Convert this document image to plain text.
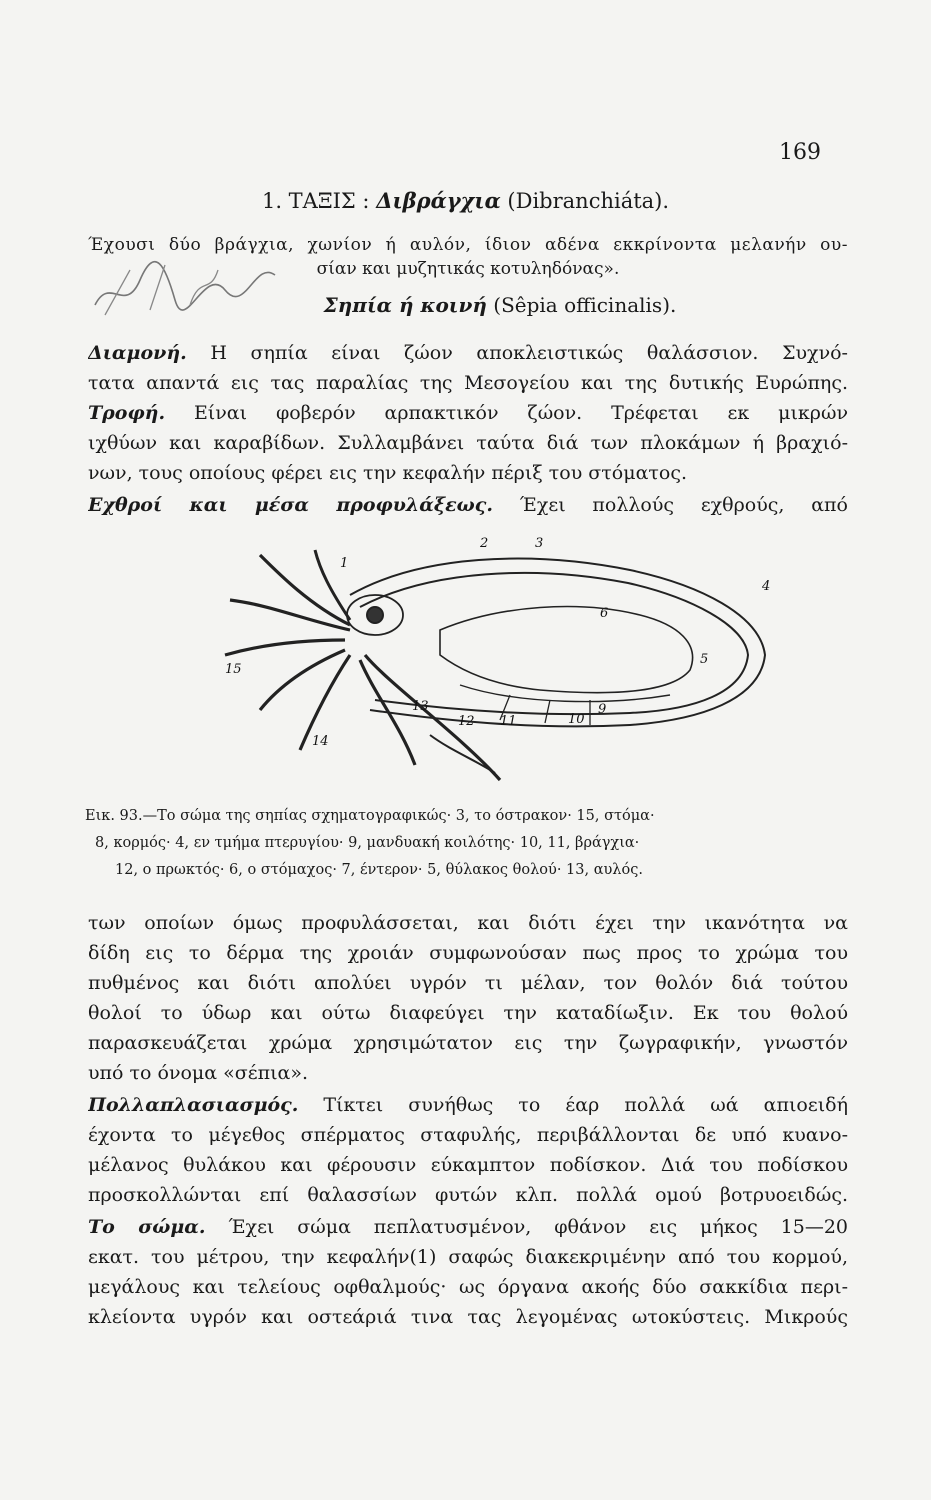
169
1. ΤΑΞΙΣ : Διβράγχια (Dibranchiáta).
Έχουσι δύο βράγχια, χωνίον ή αυλόν, ίδιον αδένα εκκρίνοντα μελανήν ου-
σίαν και μυζητικάς κοτυληδόνας».
Σηπία ή κοινή (Sêpia officinalis).
Διαμονή. Η σηπία είναι ζώον αποκλειστικώς θαλάσσιον. Συχνό-
τατα απαντά εις τας παραλίας της Μεσογείου και της δυτικής Ευρώπης.
Τροφή. Είναι φοβερόν αρπακτικόν ζώον. Τρέφεται εκ μικρών
ιχθύων και καραβίδων. Συλλαμβάνει ταύτα διά των πλοκάμων ή βραχιό-
νων, τους οποίους φέρει εις την κεφαλήν πέριξ του στόματος.
Εχθροί και μέσα προφυλάξεως. Έχει πολλούς εχθρούς, από
1
2	3
4
5
6
9
10
11
12
13
14
15
Εικ. 93.—Το σώμα της σηπίας σχηματογραφικώς· 3, το όστρακον· 15, στόμα·
8, κορμός· 4, εν τμήμα πτερυγίου· 9, μανδυακή κοιλότης· 10, 11, βράγχια·
12, ο πρωκτός· 6, ο στόμαχος· 7, έντερον· 5, θύλακος θολού· 13, αυλός.
των οποίων όμως προφυλάσσεται, και διότι έχει την ικανότητα να
δίδη εις το δέρμα της χροιάν συμφωνούσαν πως προς το χρώμα του
πυθμένος και διότι απολύει υγρόν τι μέλαν, τον θολόν διά τούτου
θολοί το ύδωρ και ούτω διαφεύγει την καταδίωξιν. Εκ του θολού
παρασκευάζεται χρώμα χρησιμώτατον εις την ζωγραφικήν, γνωστόν
υπό το όνομα «σέπια».
Πολλαπλασιασμός. Τίκτει συνήθως το έαρ πολλά ωά απιοειδή
έχοντα το μέγεθος σπέρματος σταφυλής, περιβάλλονται δε υπό κυανο-
μέλανος θυλάκου και φέρουσιν εύκαμπτον ποδίσκον. Διά του ποδίσκου
προσκολλώνται επί θαλασσίων φυτών κλπ. πολλά ομού βοτρυοειδώς.
Το σώμα. Έχει σώμα πεπλατυσμένον, φθάνον εις μήκος 15—20
εκατ. του μέτρου, την κεφαλήν(1) σαφώς διακεκριμένην από του κορμού,
μεγάλους και τελείους οφθαλμούς· ως όργανα ακοής δύο σακκίδια περι-
κλείοντα υγρόν και οστεάριά τινα τας λεγομένας ωτοκύστεις. Μικρούς
